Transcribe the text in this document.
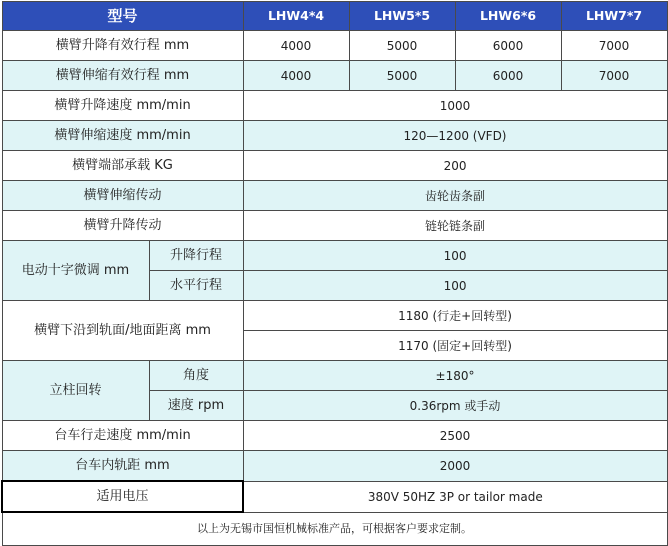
型号		LHW4*4	LHW5*5	LHW6*6	LHW7*7
横臂升降有效行程 mm		4000	5000	6000	7000
横臂伸缩有效行程 mm		4000	5000	6000	7000
横臂升降速度 mm/min		1000			
横臂伸缩速度 mm/min		120—1200 (VFD)			
横臂端部承载 KG		200			
横臂伸缩传动		齿轮齿条副			
横臂升降传动		链轮链条副			
电动十字微调 mm	升降行程	100			
	水平行程	100			
横臂下沿到轨面/地面距离 mm		1180 (行走+回转型)			
		1170 (固定+回转型)			
立柱回转	角度	±180°			
	速度 rpm	0.36rpm 或手动			
台车行走速度 mm/min		2500			
台车内轨距 mm		2000			
适用电压		380V 50HZ 3P or tailor made			
以上为无锡市国恒机械标准产品，可根据客户要求定制。					
